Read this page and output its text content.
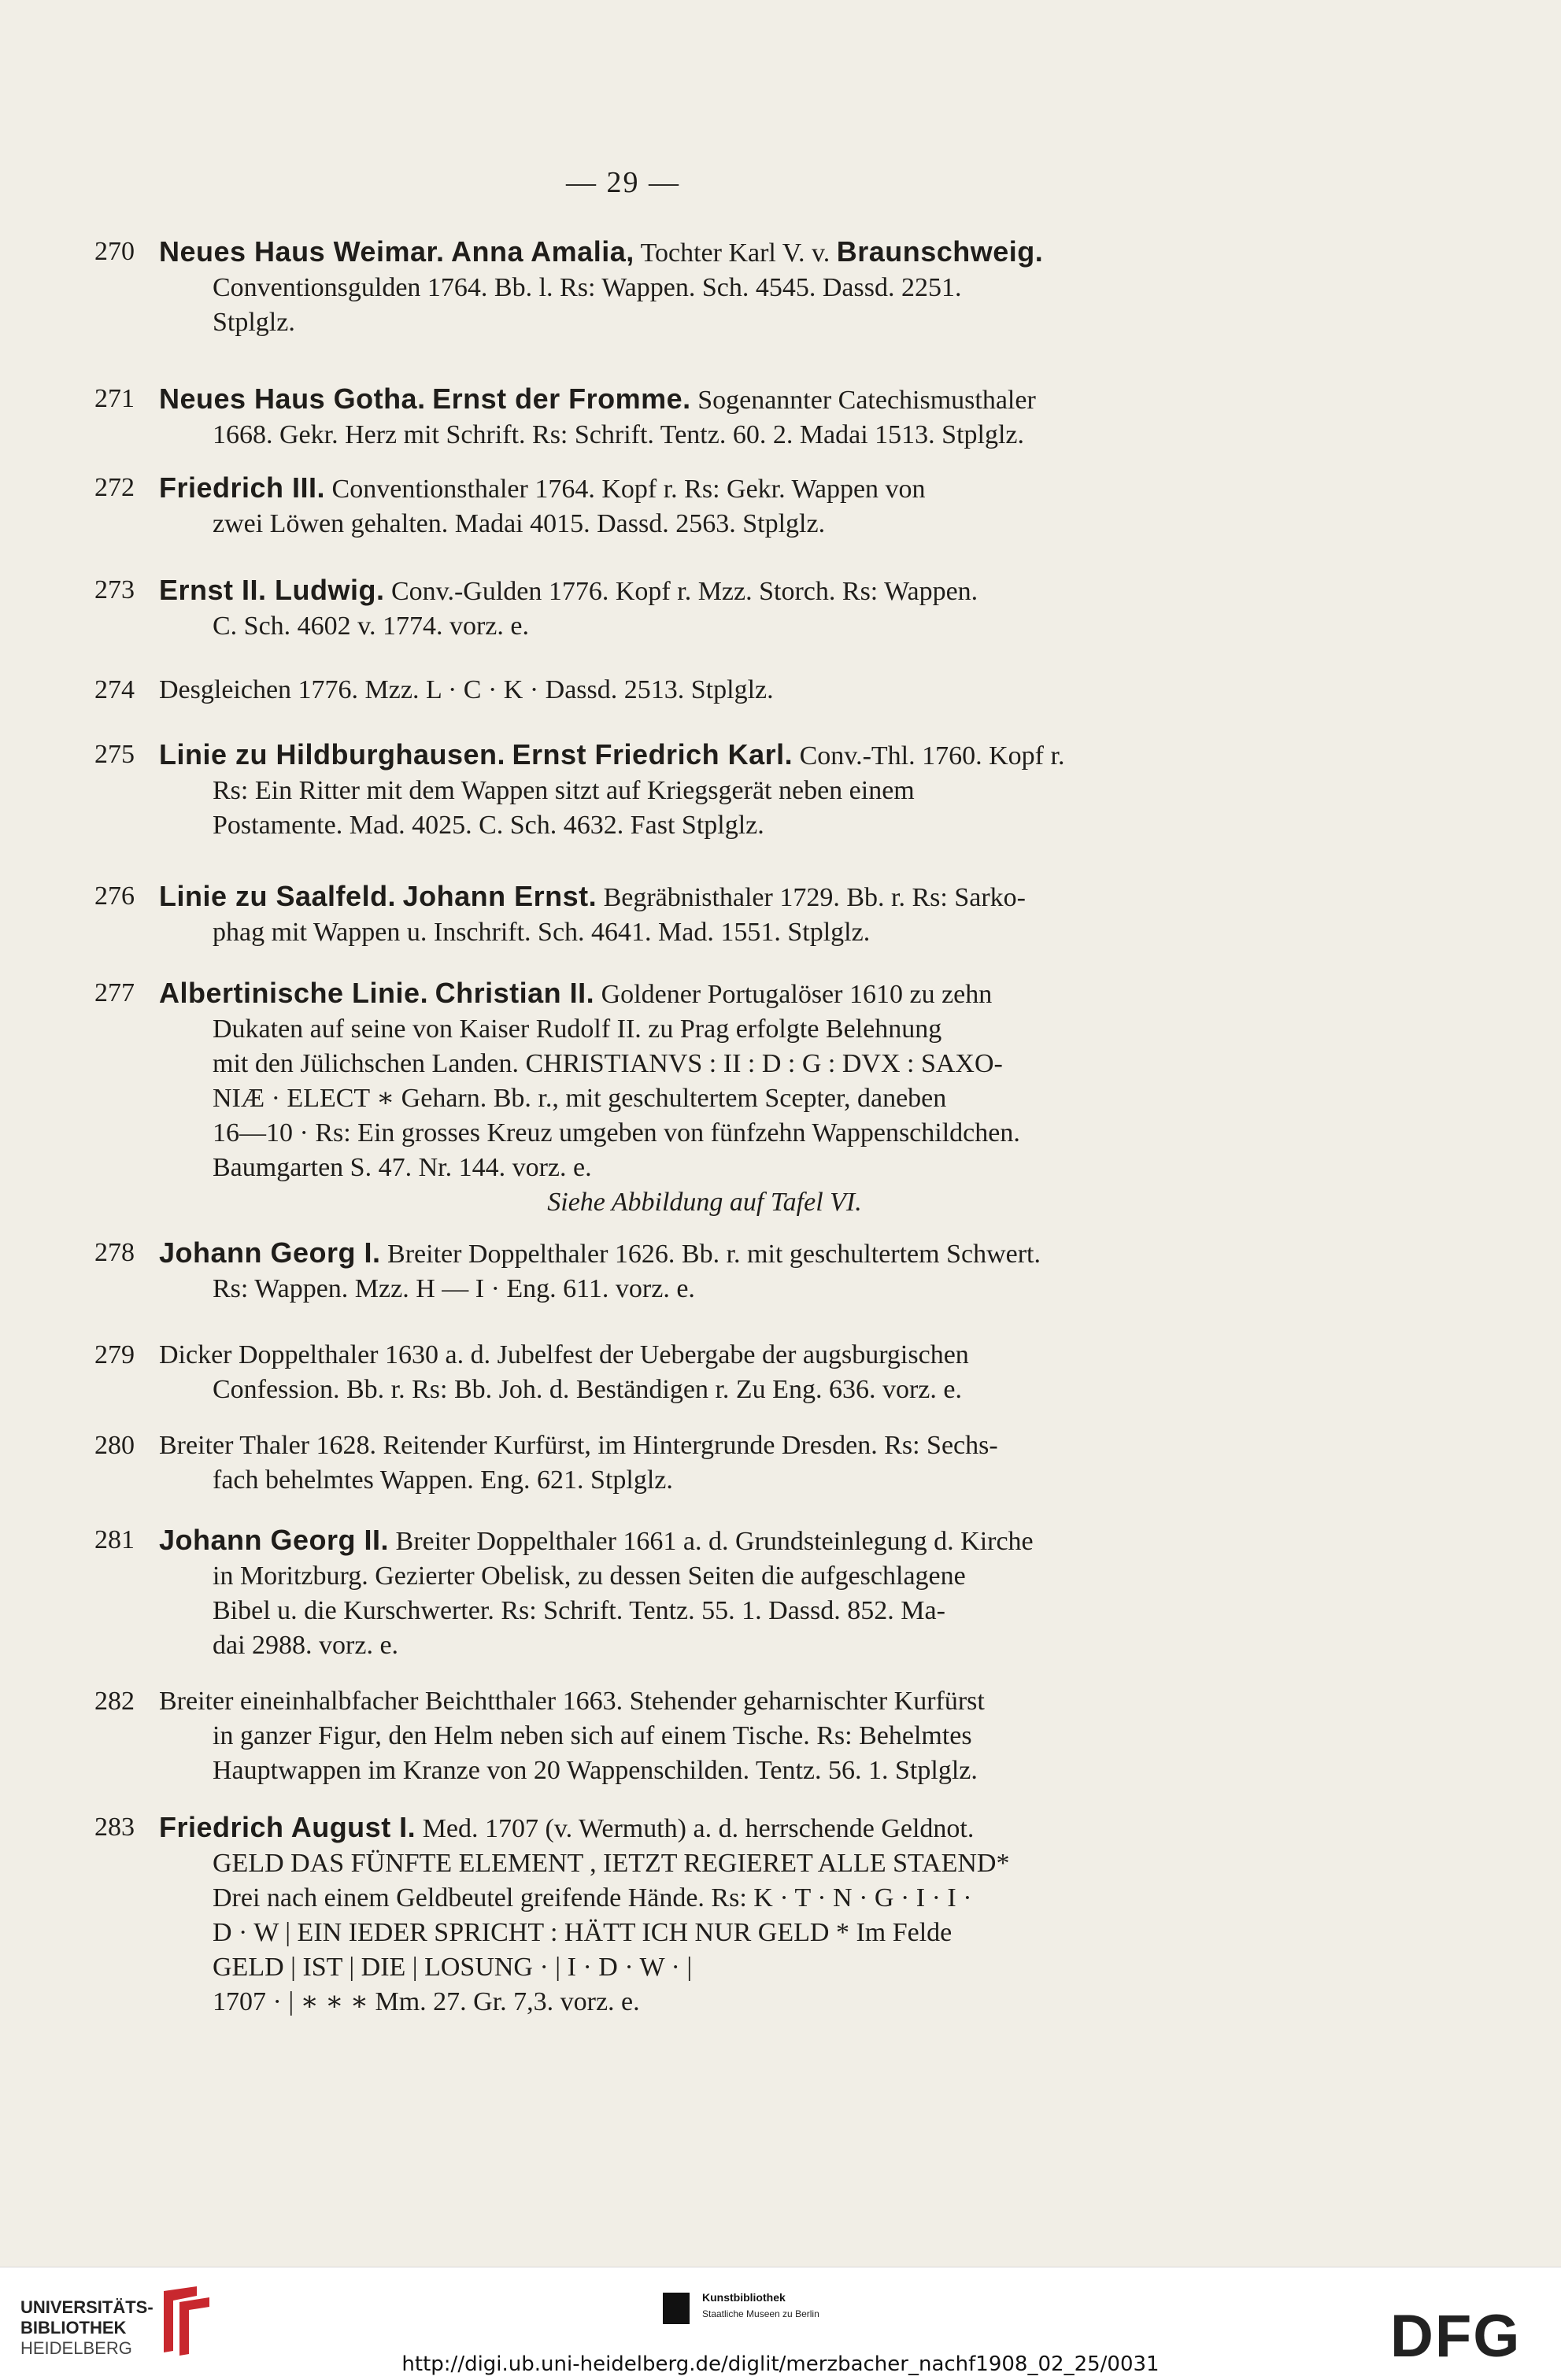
— 29 —
270 Neues Haus Weimar. Anna Amalia, Tochter Karl V. v. Braunschweig.
Conventionsgulden 1764. Bb. l. Rs: Wappen. Sch. 4545. Dassd. 2251.
Stplglz.
271 Neues Haus Gotha. Ernst der Fromme. Sogenannter Catechismusthaler
1668. Gekr. Herz mit Schrift. Rs: Schrift. Tentz. 60. 2. Madai 1513. Stplglz.
272 Friedrich III. Conventionsthaler 1764. Kopf r. Rs: Gekr. Wappen von
zwei Löwen gehalten. Madai 4015. Dassd. 2563. Stplglz.
273 Ernst II. Ludwig. Conv.-Gulden 1776. Kopf r. Mzz. Storch. Rs: Wappen.
C. Sch. 4602 v. 1774. vorz. e.
274 Desgleichen 1776. Mzz. L · C · K · Dassd. 2513. Stplglz.
275 Linie zu Hildburghausen. Ernst Friedrich Karl. Conv.-Thl. 1760. Kopf r.
Rs: Ein Ritter mit dem Wappen sitzt auf Kriegsgerät neben einem
Postamente. Mad. 4025. C. Sch. 4632. Fast Stplglz.
276 Linie zu Saalfeld. Johann Ernst. Begräbnisthaler 1729. Bb. r. Rs: Sarko-
phag mit Wappen u. Inschrift. Sch. 4641. Mad. 1551. Stplglz.
277 Albertinische Linie. Christian II. Goldener Portugalöser 1610 zu zehn
Dukaten auf seine von Kaiser Rudolf II. zu Prag erfolgte Belehnung
mit den Jülichschen Landen. CHRISTIANVS : II : D : G : DVX : SAXO-
NIÆ · ELECT ∗ Geharn. Bb. r., mit geschultertem Scepter, daneben
16—10 · Rs: Ein grosses Kreuz umgeben von fünfzehn Wappenschildchen.
Baumgarten S. 47. Nr. 144. vorz. e.
Siehe Abbildung auf Tafel VI.
278 Johann Georg I. Breiter Doppelthaler 1626. Bb. r. mit geschultertem Schwert.
Rs: Wappen. Mzz. H — I · Eng. 611. vorz. e.
279 Dicker Doppelthaler 1630 a. d. Jubelfest der Uebergabe der augsburgischen
Confession. Bb. r. Rs: Bb. Joh. d. Beständigen r. Zu Eng. 636. vorz. e.
280 Breiter Thaler 1628. Reitender Kurfürst, im Hintergrunde Dresden. Rs: Sechs-
fach behelmtes Wappen. Eng. 621. Stplglz.
281 Johann Georg II. Breiter Doppelthaler 1661 a. d. Grundsteinlegung d. Kirche
in Moritzburg. Gezierter Obelisk, zu dessen Seiten die aufgeschlagene
Bibel u. die Kurschwerter. Rs: Schrift. Tentz. 55. 1. Dassd. 852. Ma-
dai 2988. vorz. e.
282 Breiter eineinhalbfacher Beichtthaler 1663. Stehender geharnischter Kurfürst
in ganzer Figur, den Helm neben sich auf einem Tische. Rs: Behelmtes
Hauptwappen im Kranze von 20 Wappenschilden. Tentz. 56. 1. Stplglz.
283 Friedrich August I. Med. 1707 (v. Wermuth) a. d. herrschende Geldnot.
GELD DAS FÜNFTE ELEMENT , IETZT REGIERET ALLE STAEND*
Drei nach einem Geldbeutel greifende Hände. Rs: K · T · N · G · I · I ·
D · W | EIN IEDER SPRICHT : HÄTT ICH NUR GELD * Im Felde
GELD | IST | DIE | LOSUNG · | I · D · W · |
1707 · | ∗ ∗ ∗ Mm. 27. Gr. 7,3. vorz. e.
UNIVERSITÄTS-
BIBLIOTHEK
HEIDELBERG
Kunstbibliothek
Staatliche Museen zu Berlin	DFG
http://digi.ub.uni-heidelberg.de/diglit/merzbacher_nachf1908_02_25/0031
